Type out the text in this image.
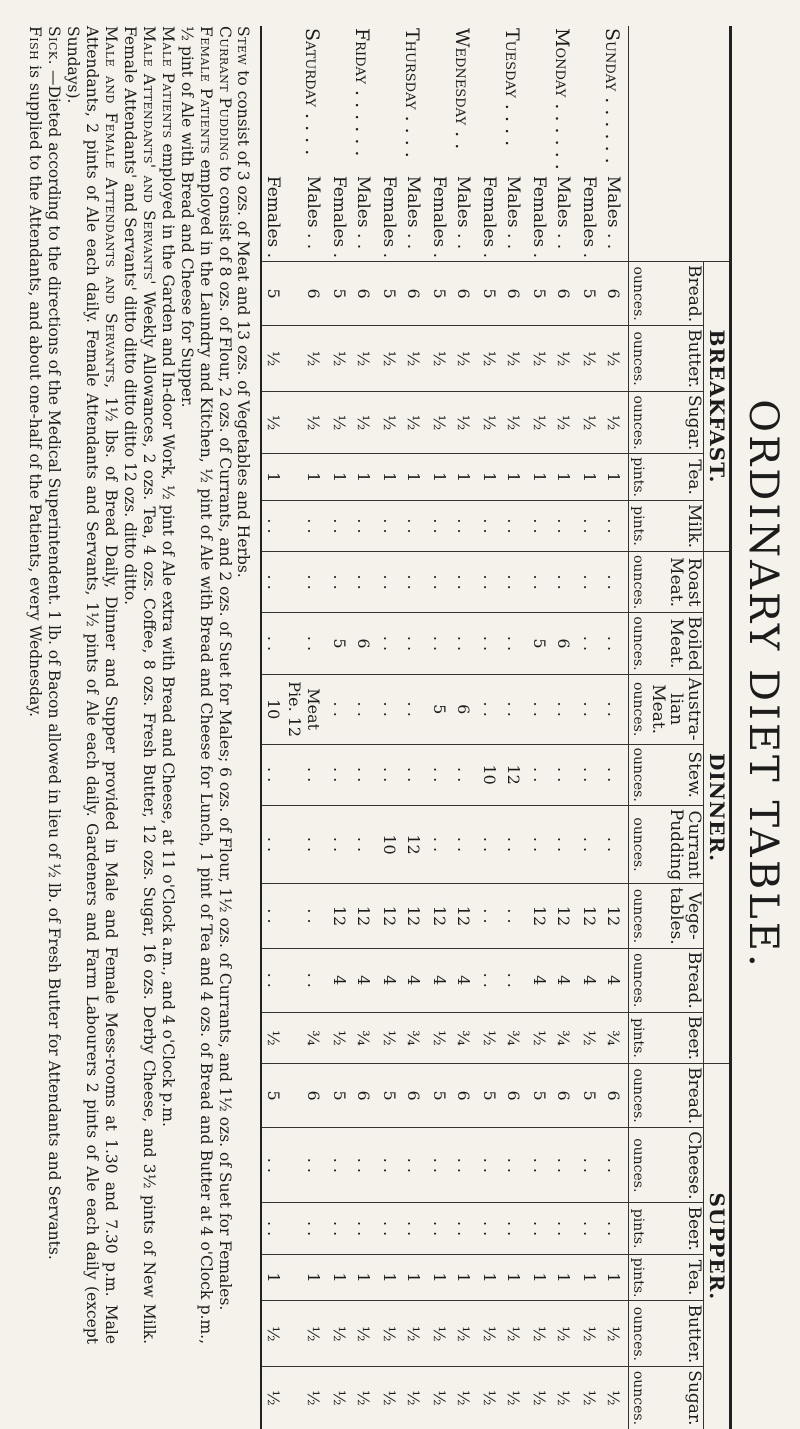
ORDINARY DIET TABLE.
		BREAKFAST.					DINNER.								SUPPER.					
		Bread.	Butter.	Sugar.	Tea.	Milk.	Roast Meat.	Boiled Meat.	Austra-lian Meat.	Stew.	Currant Pudding	Vege-tables.	Bread.	Beer.	Bread.	Cheese.	Beer.	Tea.	Butter.	Sugar.
		ounces.	ounces.	ounces.	pints.	pints.	ounces.	ounces.	ounces.	ounces.	ounces.	ounces.	ounces.	pints.	ounces.	ounces.	pints.	pints.	ounces.	ounces.
Sunday . . . . . .	Males . .	6	½	½	1	. .	. .	. .	. .	. .	. .	12	4	¾	6	. .	. .	1	½	½
	Females .	5	½	½	1	. .	. .	. .	. .	. .	. .	12	4	½	5	. .	. .	1	½	½
Monday . . . . . .	Males . .	6	½	½	1	. .	. .	6	. .	. .	. .	12	4	¾	6	. .	. .	1	½	½
	Females .	5	½	½	1	. .	. .	5	. .	. .	. .	12	4	½	5	. .	. .	1	½	½
Tuesday . . . .	Males . .	6	½	½	1	. .	. .	. .	. .	12	. .	. .	. .	¾	6	. .	. .	1	½	½
	Females .	5	½	½	1	. .	. .	. .	. .	10	. .	. .	. .	½	5	. .	. .	1	½	½
Wednesday . .	Males . .	6	½	½	1	. .	. .	. .	6	. .	. .	12	4	¾	6	. .	. .	1	½	½
	Females .	5	½	½	1	. .	. .	. .	5	. .	. .	12	4	½	5	. .	. .	1	½	½
Thursday . . . .	Males . .	6	½	½	1	. .	. .	. .	. .	. .	12	12	4	¾	6	. .	. .	1	½	½
	Females .	5	½	½	1	. .	. .	. .	. .	. .	10	12	4	½	5	. .	. .	1	½	½
Friday . . . . . .	Males . .	6	½	½	1	. .	. .	6	. .	. .	. .	12	4	¾	6	. .	. .	1	½	½
	Females .	5	½	½	1	. .	. .	5	. .	. .	. .	12	4	½	5	. .	. .	1	½	½
Saturday . . . .	Males . .	6	½	½	1	. .	. .	. .	Meat Pie. 12	. .	. .	. .	. .	¾	6	. .	. .	1	½	½
	Females .	5	½	½	1	. .	. .	. .	10	. .	. .	. .	. .	½	5	. .	. .	1	½	½

Stew to consist of 3 ozs. of Meat and 13 ozs. of Vegetables and Herbs.

Currant Pudding to consist of 8 ozs. of Flour, 2 ozs. of Currants, and 2 ozs. of Suet for Males; 6 ozs. of Flour, 1½ ozs. of Currants, and 1½ ozs. of Suet for Females.

Female Patients employed in the Laundry and Kitchen, ½ pint of Ale with Bread and Cheese for Lunch, 1 pint of Tea and 4 ozs. of Bread and Butter at 4 o'Clock p.m., ½ pint of Ale with Bread and Cheese for Supper.

Male Patients employed in the Garden and In-door Work, ½ pint of Ale extra with Bread and Cheese, at 11 o'Clock a.m., and 4 o'Clock p.m.

Male Attendants' and Servants' Weekly Allowances, 2 ozs. Tea, 4 ozs. Coffee, 8 ozs. Fresh Butter, 12 ozs. Sugar, 16 ozs. Derby Cheese, and 3½ pints of New Milk. Female Attendants' and Servants' ditto ditto ditto ditto 12 ozs. ditto ditto.

Male and Female Attendants and Servants, 1½ lbs. of Bread Daily, Dinner and Supper provided in Male and Female Mess-rooms at 1.30 and 7.30 p.m. Male Attendants, 2 pints of Ale each daily. Female Attendants and Servants, 1½ pints of Ale each daily. Gardeners and Farm Labourers 2 pints of Ale each daily (except Sundays).

Sick. —Dieted according to the directions of the Medical Superintendent. 1 lb. of Bacon allowed in lieu of ½ lb. of Fresh Butter for Attendants and Servants.

Fish is supplied to the Attendants, and about one-half of the Patients, every Wednesday.
